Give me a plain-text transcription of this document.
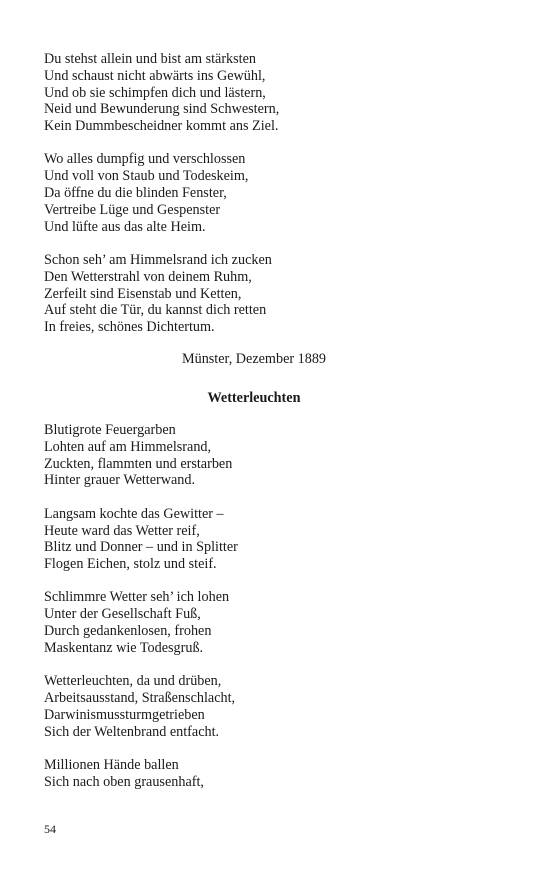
Du stehst allein und bist am stärksten
Und schaust nicht abwärts ins Gewühl,
Und ob sie schimpfen dich und lästern,
Neid und Bewunderung sind Schwestern,
Kein Dummbescheidner kommt ans Ziel.
Wo alles dumpfig und verschlossen
Und voll von Staub und Todeskeim,
Da öffne du die blinden Fenster,
Vertreibe Lüge und Gespenster
Und lüfte aus das alte Heim.
Schon seh’ am Himmelsrand ich zucken
Den Wetterstrahl von deinem Ruhm,
Zerfeilt sind Eisenstab und Ketten,
Auf steht die Tür, du kannst dich retten
In freies, schönes Dichtertum.
Münster, Dezember 1889
Wetterleuchten
Blutigrote Feuergarben
Lohten auf am Himmelsrand,
Zuckten, flammten und erstarben
Hinter grauer Wetterwand.
Langsam kochte das Gewitter –
Heute ward das Wetter reif,
Blitz und Donner – und in Splitter
Flogen Eichen, stolz und steif.
Schlimmre Wetter seh’ ich lohen
Unter der Gesellschaft Fuß,
Durch gedankenlosen, frohen
Maskentanz wie Todesgruß.
Wetterleuchten, da und drüben,
Arbeitsausstand, Straßenschlacht,
Darwinismussturmgetrieben
Sich der Weltenbrand entfacht.
Millionen Hände ballen
Sich nach oben grausenhaft,
54
